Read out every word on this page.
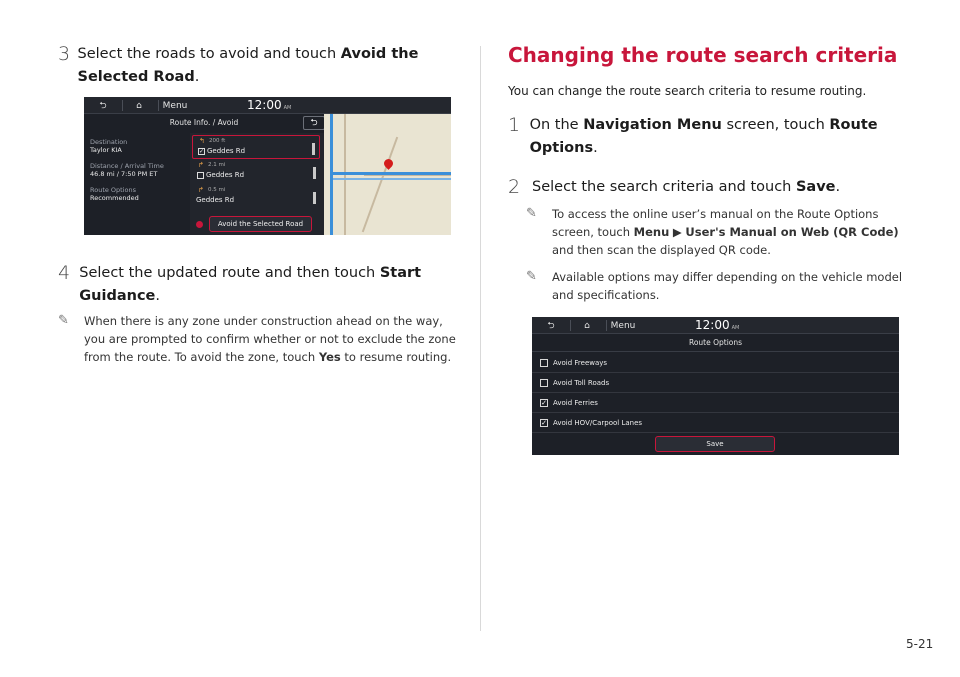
3 Select the roads to avoid and touch Avoid the Selected Road.
⮌	⌂	Menu	12:00 AM
Route Info. / Avoid	⮌
Destination
Taylor KIA
Distance / Arrival Time
46.8 mi / 7:50 PM ET
Route Options
Recommended
↰ 200 ft
✓ Geddes Rd
↱ 2.1 mi
Geddes Rd
↱ 0.5 mi
Geddes Rd
Avoid the Selected Road
4 Select the updated route and then touch Start Guidance.
✎	When there is any zone under construction ahead on the way, you are prompted to confirm whether or not to exclude the zone from the route. To avoid the zone, touch Yes to resume routing.
Changing the route search criteria
You can change the route search criteria to resume routing.
1 On the Navigation Menu screen, touch Route Options.
2 Select the search criteria and touch Save.
✎	To access the online user’s manual on the Route Options screen, touch Menu ▶ User's Manual on Web (QR Code) and then scan the displayed QR code.
✎	Available options may differ depending on the vehicle model and specifications.
⮌	⌂	Menu	12:00 AM
Route Options
Avoid Freeways
Avoid Toll Roads
✓ Avoid Ferries
✓ Avoid HOV/Carpool Lanes
Save
5-21
